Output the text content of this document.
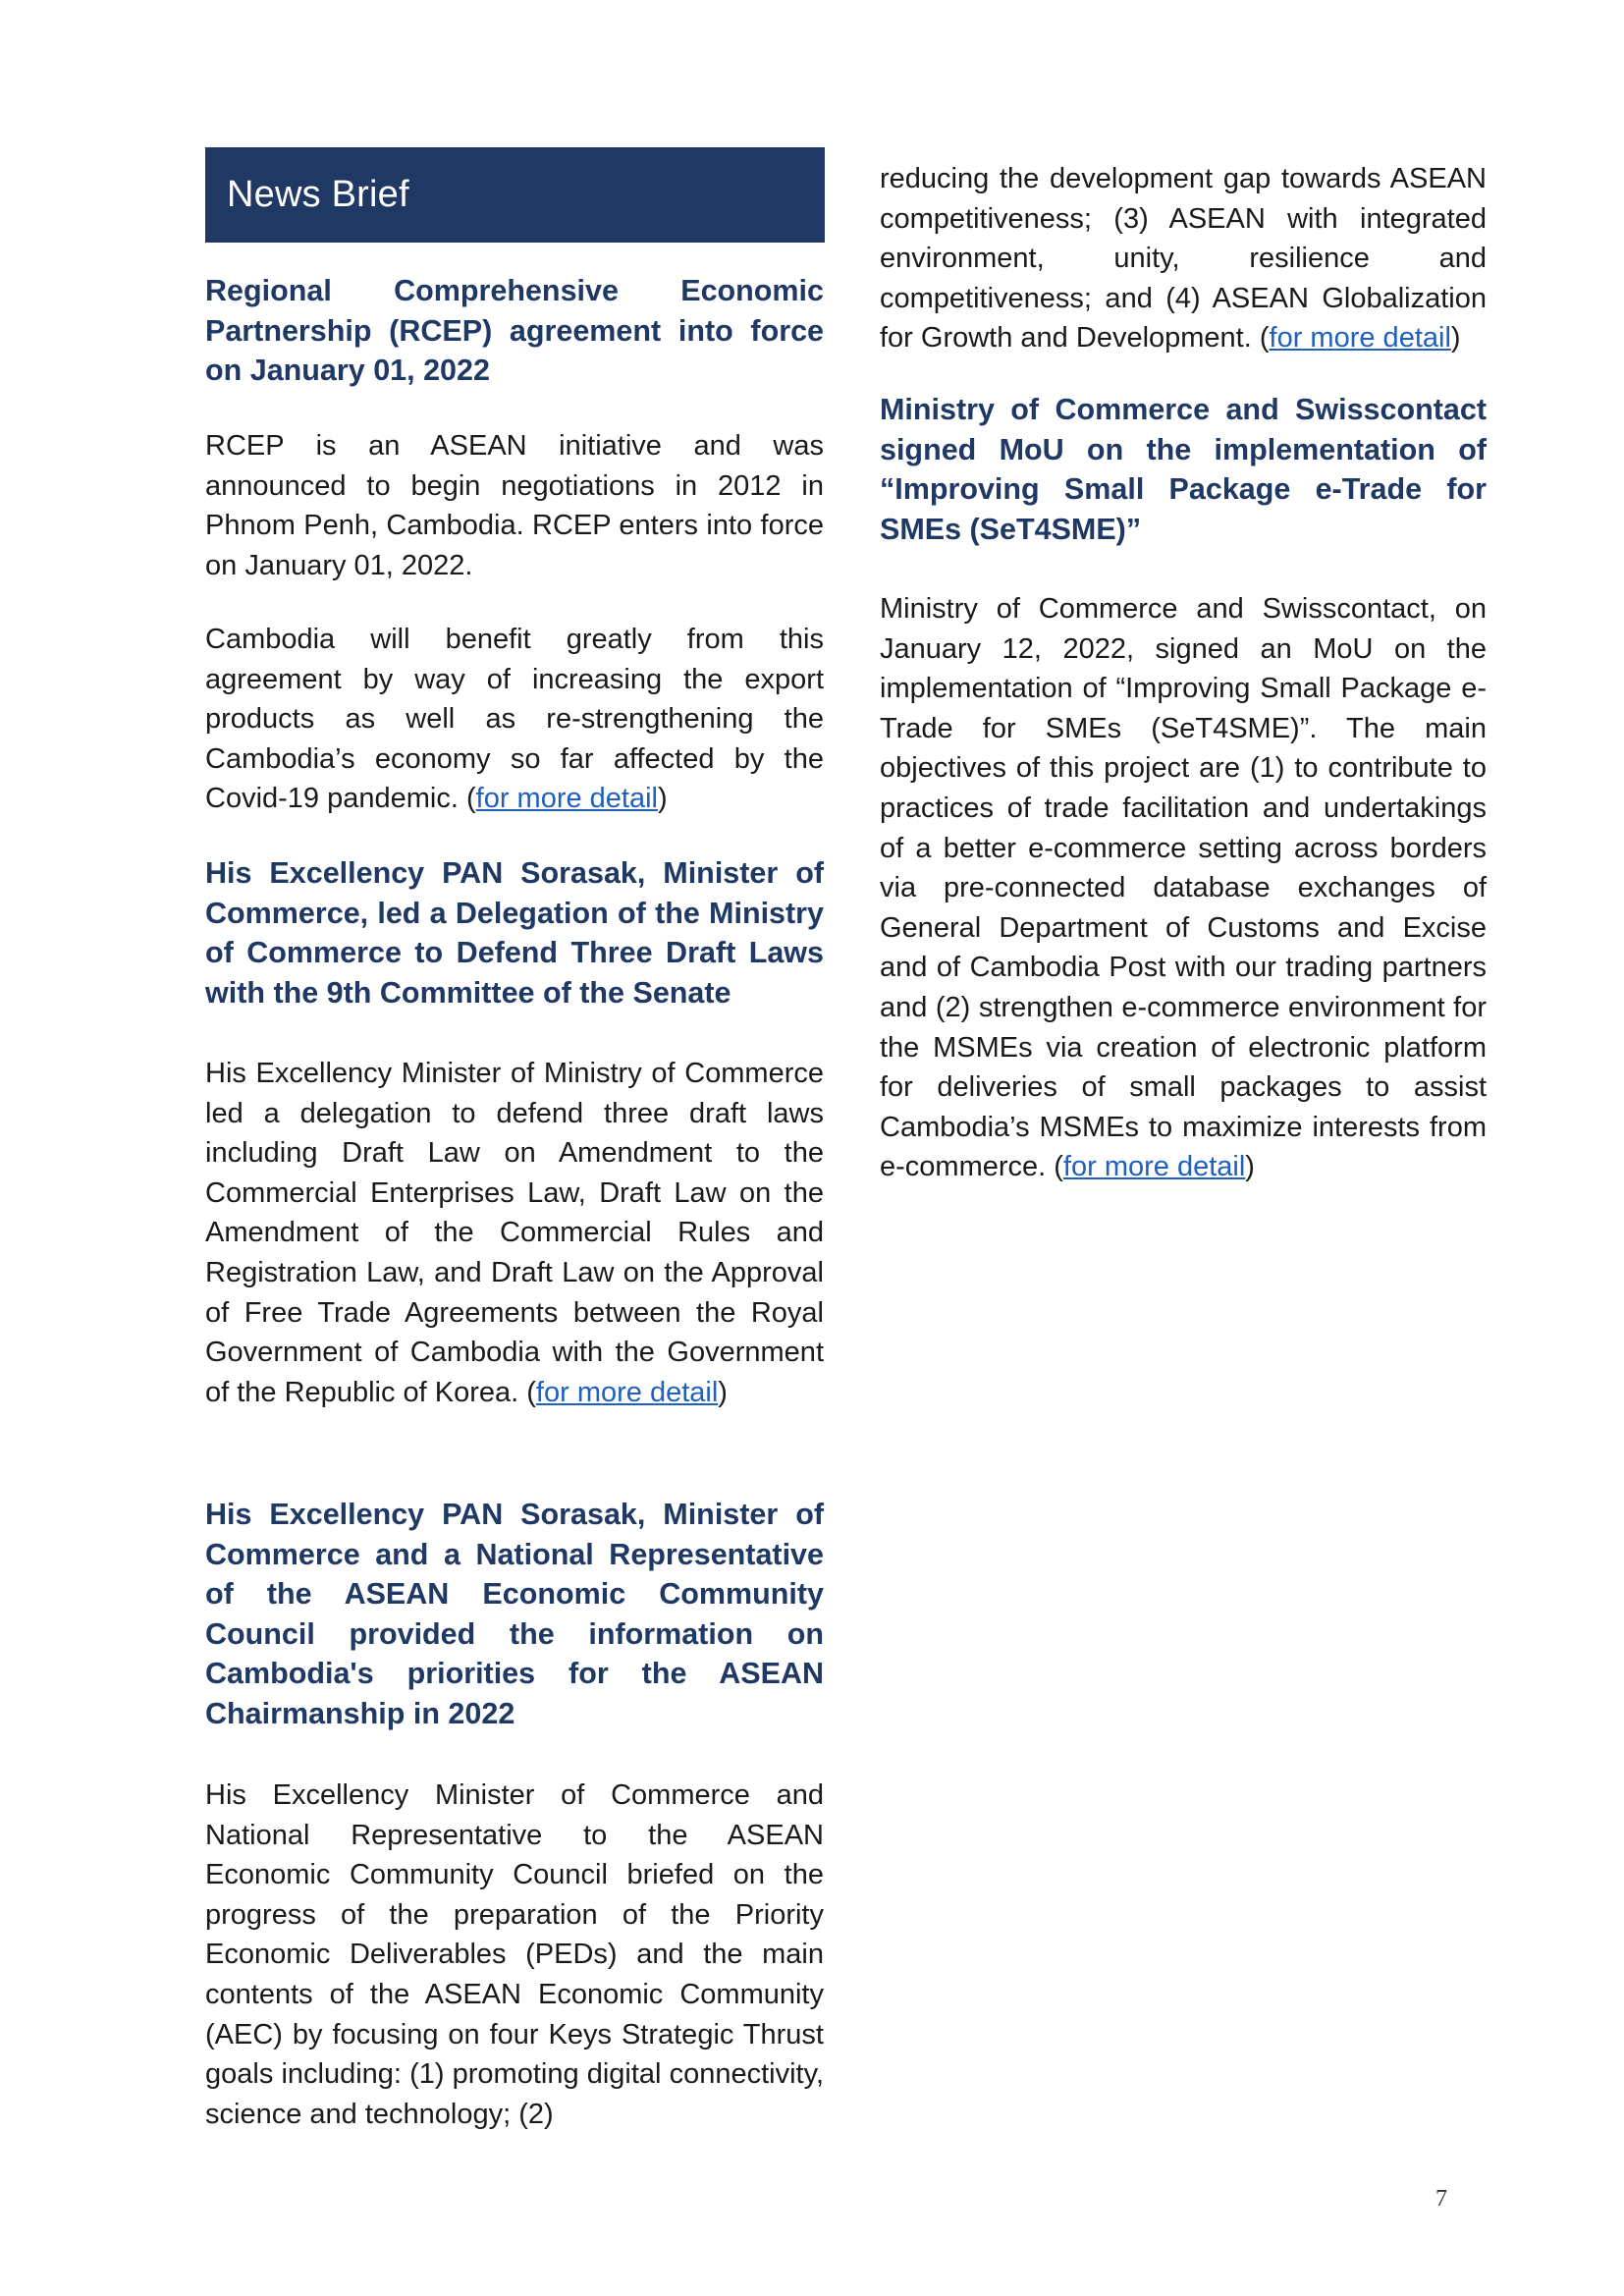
News Brief

Regional Comprehensive Economic Partnership (RCEP) agreement into force on January 01, 2022

RCEP is an ASEAN initiative and was announced to begin negotiations in 2012 in Phnom Penh, Cambodia. RCEP enters into force on January 01, 2022.

Cambodia will benefit greatly from this agreement by way of increasing the export products as well as re-strengthening the Cambodia’s economy so far affected by the Covid-19 pandemic. (for more detail)

His Excellency PAN Sorasak, Minister of Commerce, led a Delegation of the Ministry of Commerce to Defend Three Draft Laws with the 9th Committee of the Senate

His Excellency Minister of Ministry of Commerce led a delegation to defend three draft laws including Draft Law on Amendment to the Commercial Enterprises Law, Draft Law on the Amendment of the Commercial Rules and Registration Law, and Draft Law on the Approval of Free Trade Agreements between the Royal Government of Cambodia with the Government of the Republic of Korea. (for more detail)

His Excellency PAN Sorasak, Minister of Commerce and a National Representative of the ASEAN Economic Community Council provided the information on Cambodia's priorities for the ASEAN Chairmanship in 2022

His Excellency Minister of Commerce and National Representative to the ASEAN Economic Community Council briefed on the progress of the preparation of the Priority Economic Deliverables (PEDs) and the main contents of the ASEAN Economic Community (AEC) by focusing on four Keys Strategic Thrust goals including: (1) promoting digital connectivity, science and technology; (2)

reducing the development gap towards ASEAN competitiveness; (3) ASEAN with integrated environment, unity, resilience and competitiveness; and (4) ASEAN Globalization for Growth and Development. (for more detail)

Ministry of Commerce and Swisscontact signed MoU on the implementation of “Improving Small Package e-Trade for SMEs (SeT4SME)”

Ministry of Commerce and Swisscontact, on January 12, 2022, signed an MoU on the implementation of “Improving Small Package e-Trade for SMEs (SeT4SME)”. The main objectives of this project are (1) to contribute to practices of trade facilitation and undertakings of a better e-commerce setting across borders via pre-connected database exchanges of General Department of Customs and Excise and of Cambodia Post with our trading partners and (2) strengthen e-commerce environment for the MSMEs via creation of electronic platform for deliveries of small packages to assist Cambodia’s MSMEs to maximize interests from e-commerce. (for more detail)

7
